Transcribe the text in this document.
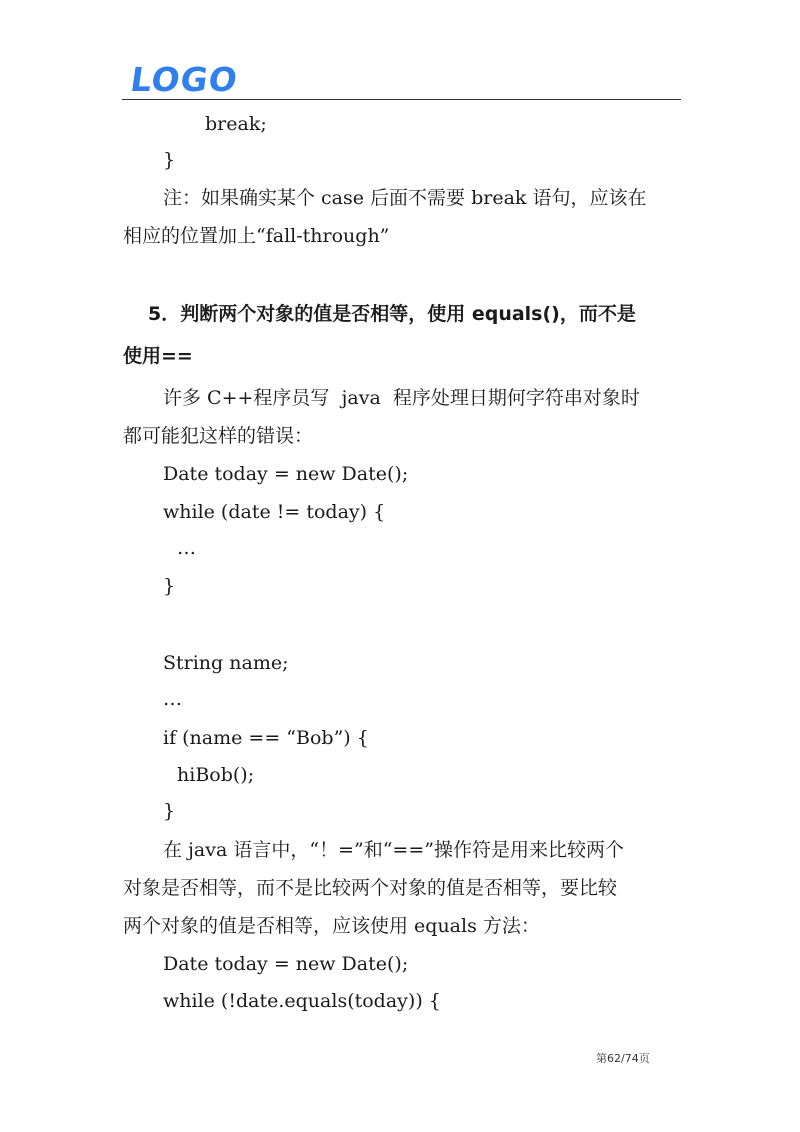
LOGO
break;
}
注：如果确实某个 case 后面不需要 break 语句，应该在
相应的位置加上“fall-through”
5．判断两个对象的值是否相等，使用 equals()，而不是
使用==
许多 C++程序员写  java  程序处理日期何字符串对象时
都可能犯这样的错误：
Date today = new Date();
while (date != today) {
…
}
String name;
…
if (name == “Bob”) {
hiBob();
}
在 java 语言中，“！=”和“==”操作符是用来比较两个
对象是否相等，而不是比较两个对象的值是否相等，要比较
两个对象的值是否相等，应该使用 equals 方法：
Date today = new Date();
while (!date.equals(today)) {
第62/74页
